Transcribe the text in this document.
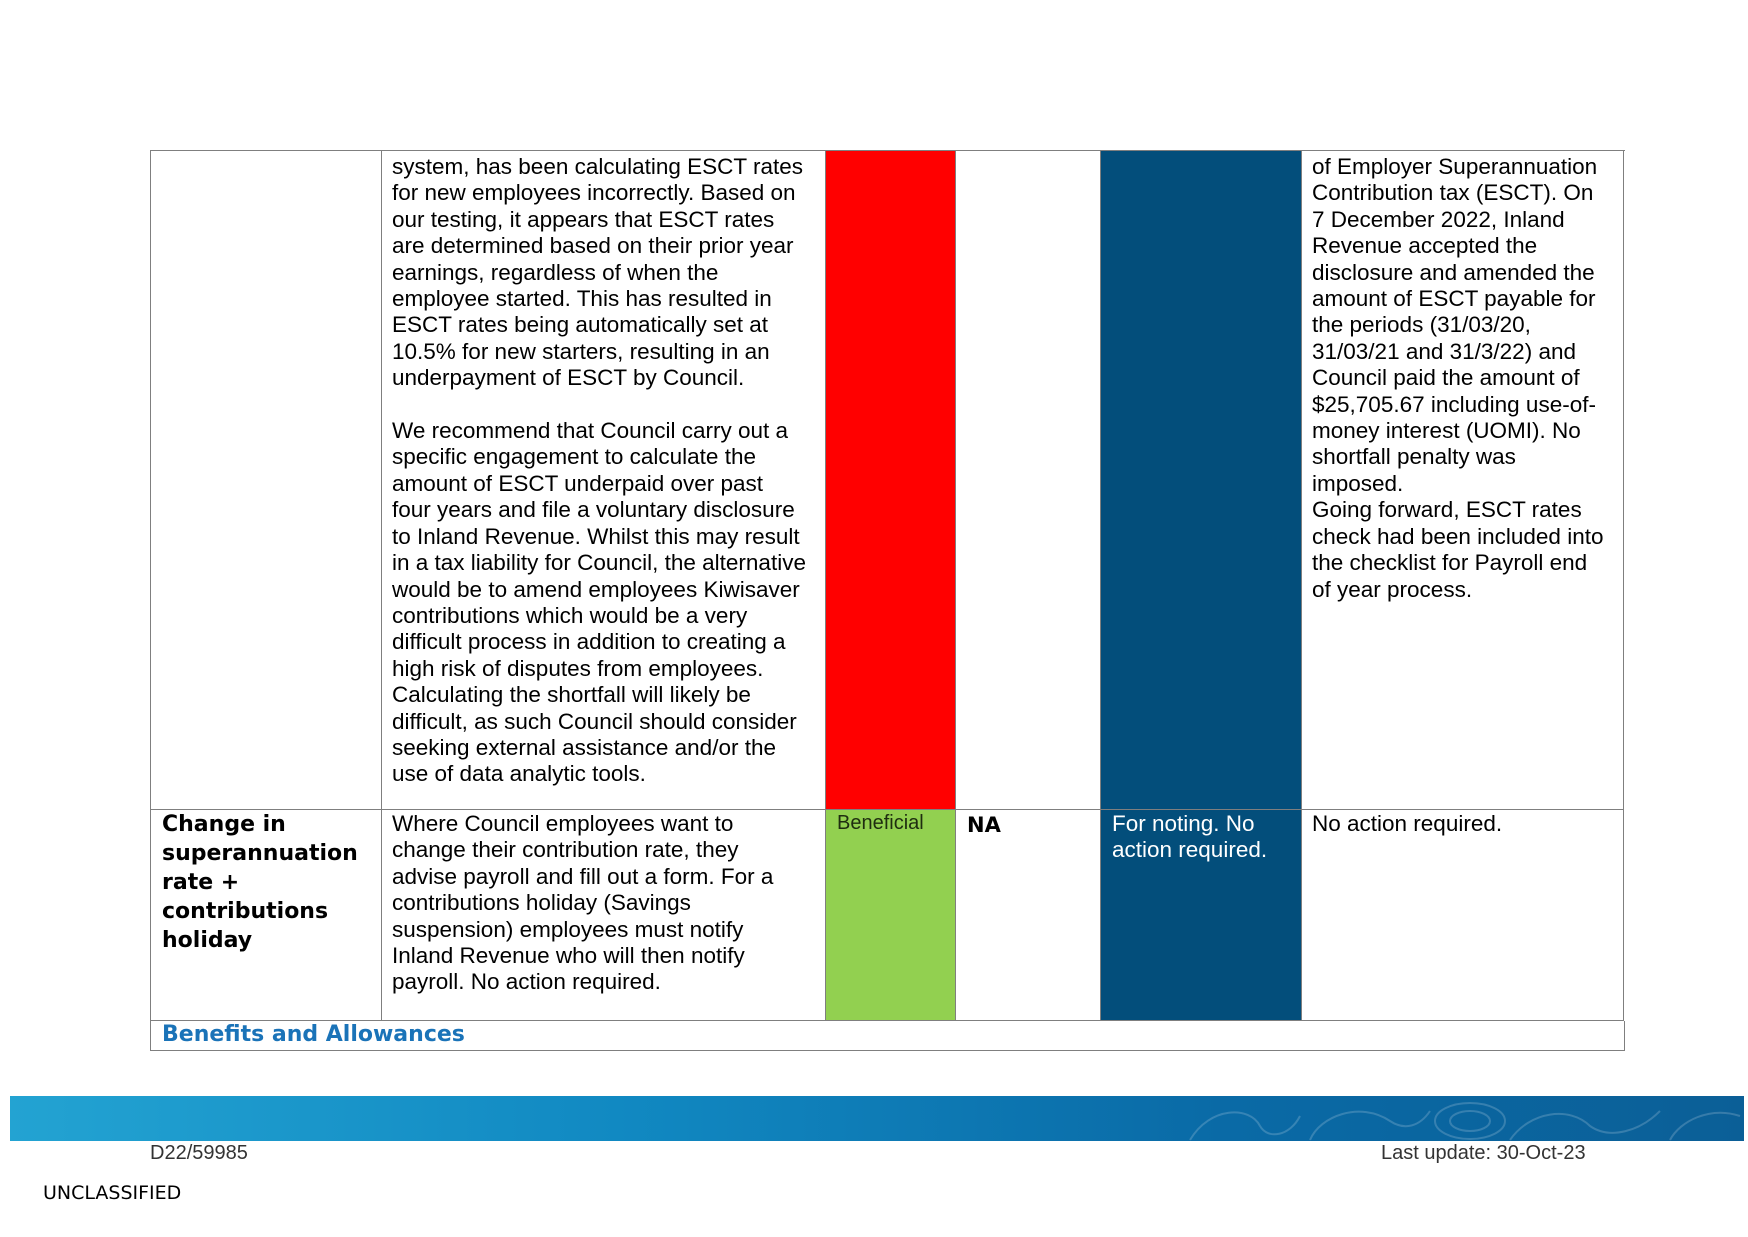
system, has been calculating ESCT rates
for new employees incorrectly. Based on
our testing, it appears that ESCT rates
are determined based on their prior year
earnings, regardless of when the
employee started. This has resulted in
ESCT rates being automatically set at
10.5% for new starters, resulting in an
underpayment of ESCT by Council.

We recommend that Council carry out a
specific engagement to calculate the
amount of ESCT underpaid over past
four years and file a voluntary disclosure
to Inland Revenue. Whilst this may result
in a tax liability for Council, the alternative
would be to amend employees Kiwisaver
contributions which would be a very
difficult process in addition to creating a
high risk of disputes from employees.
Calculating the shortfall will likely be
difficult, as such Council should consider
seeking external assistance and/or the
use of data analytic tools.

of Employer Superannuation
Contribution tax (ESCT). On
7 December 2022, Inland
Revenue accepted the
disclosure and amended the
amount of ESCT payable for
the periods (31/03/20,
31/03/21 and 31/3/22) and
Council paid the amount of
$25,705.67 including use-of-
money interest (UOMI). No
shortfall penalty was
imposed.
Going forward, ESCT rates
check had been included into
the checklist for Payroll end
of year process.

Change in
superannuation
rate +
contributions
holiday

Where Council employees want to
change their contribution rate, they
advise payroll and fill out a form. For a
contributions holiday (Savings
suspension) employees must notify
Inland Revenue who will then notify
payroll. No action required.

Beneficial NA	For noting. No
action required.

No action required.

Benefits and Allowances
D22/59985	Last update: 30-Oct-23
UNCLASSIFIED
